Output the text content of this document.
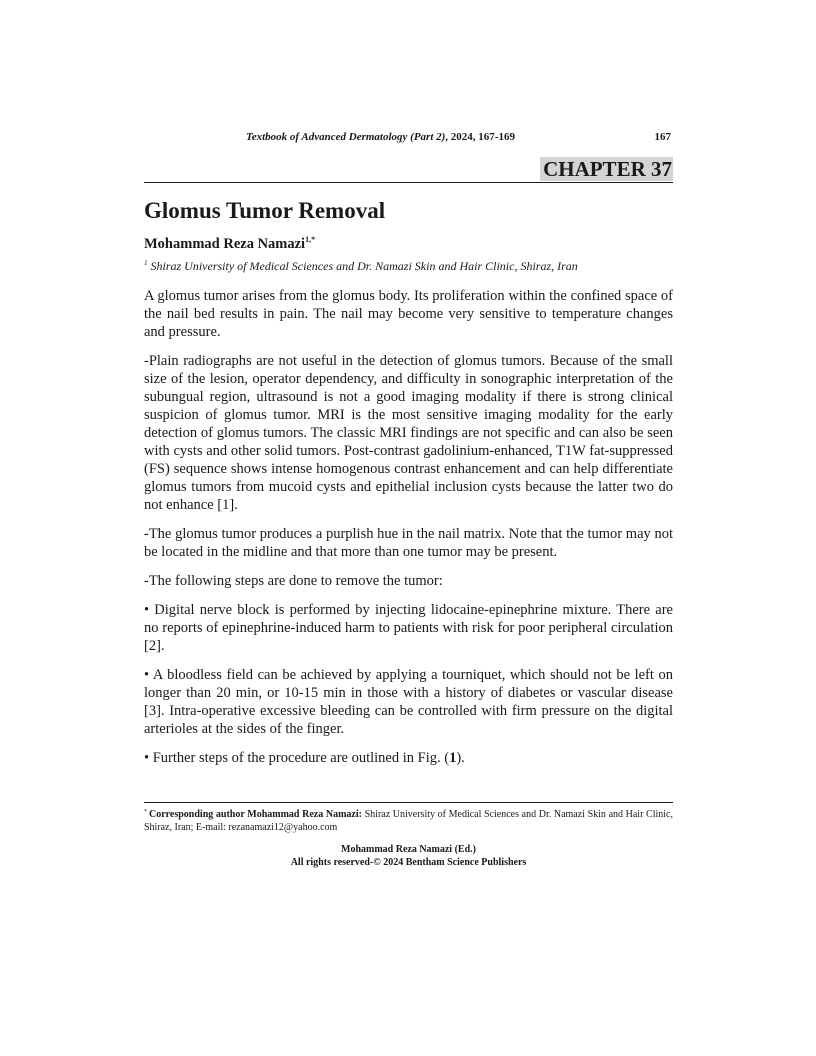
Textbook of Advanced Dermatology (Part 2), 2024, 167-169	167
CHAPTER 37
Glomus Tumor Removal
Mohammad Reza Namazi$^{1,*}$
$^1$ Shiraz University of Medical Sciences and Dr. Namazi Skin and Hair Clinic, Shiraz, Iran

A glomus tumor arises from the glomus body. Its proliferation within the confined space of the nail bed results in pain. The nail may become very sensitive to temperature changes and pressure.

-Plain radiographs are not useful in the detection of glomus tumors. Because of the small size of the lesion, operator dependency, and difficulty in sonographic interpretation of the subungual region, ultrasound is not a good imaging modality if there is strong clinical suspicion of glomus tumor. MRI is the most sensitive imaging modality for the early detection of glomus tumors. The classic MRI findings are not specific and can also be seen with cysts and other solid tumors. Post-contrast gadolinium-enhanced, T1W fat-suppressed (FS) sequence shows intense homogenous contrast enhancement and can help differentiate glomus tumors from mucoid cysts and epithelial inclusion cysts because the latter two do not enhance [1].

-The glomus tumor produces a purplish hue in the nail matrix. Note that the tumor may not be located in the midline and that more than one tumor may be present.

-The following steps are done to remove the tumor:

• Digital nerve block is performed by injecting lidocaine-epinephrine mixture. There are no reports of epinephrine-induced harm to patients with risk for poor peripheral circulation [2].

• A bloodless field can be achieved by applying a tourniquet, which should not be left on longer than 20 min, or 10-15 min in those with a history of diabetes or vascular disease [3]. Intra-operative excessive bleeding can be controlled with firm pressure on the digital arterioles at the sides of the finger.

• Further steps of the procedure are outlined in Fig. (1).

* Corresponding author Mohammad Reza Namazi: Shiraz University of Medical Sciences and Dr. Namazi Skin and Hair Clinic, Shiraz, Iran; E-mail: rezanamazi12@yahoo.com
Mohammad Reza Namazi (Ed.)
All rights reserved-© 2024 Bentham Science Publishers
